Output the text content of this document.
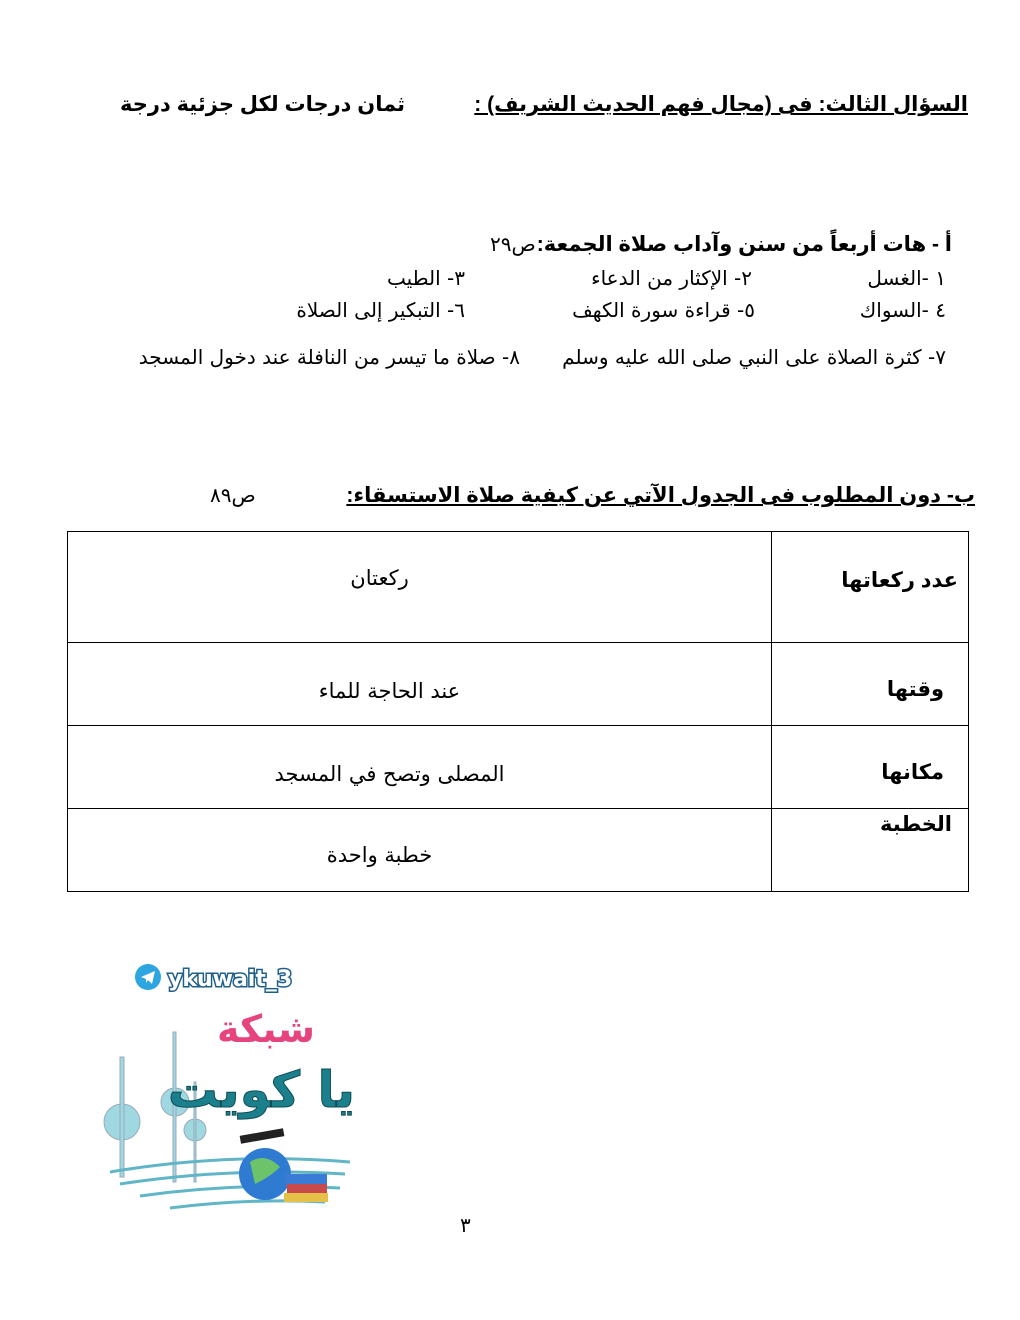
السؤال الثالث: فى (مجال فهم الحديث الشريف) :
ثمان درجات لكل جزئية درجة
أ - هات أربعاً من سنن وآداب صلاة الجمعة:
ص٢٩
١ -الغسل
٢- الإكثار من الدعاء
٣- الطيب
٤ -السواك
٥- قراءة سورة الكهف
٦- التبكير إلى الصلاة
٧- كثرة الصلاة على النبي صلى الله عليه وسلم
٨- صلاة ما تيسر من النافلة عند دخول المسجد
ب- دون المطلوب فى الجدول الآتي عن كيفية صلاة الاستسقاء:
ص٨٩
عدد ركعاتها	ركعتان

وقتها	عند الحاجة للماء

مكانها	المصلى وتصح في المسجد

الخطبة	خطبة واحدة
ykuwait_3
شبكة
يا كويت
٣
